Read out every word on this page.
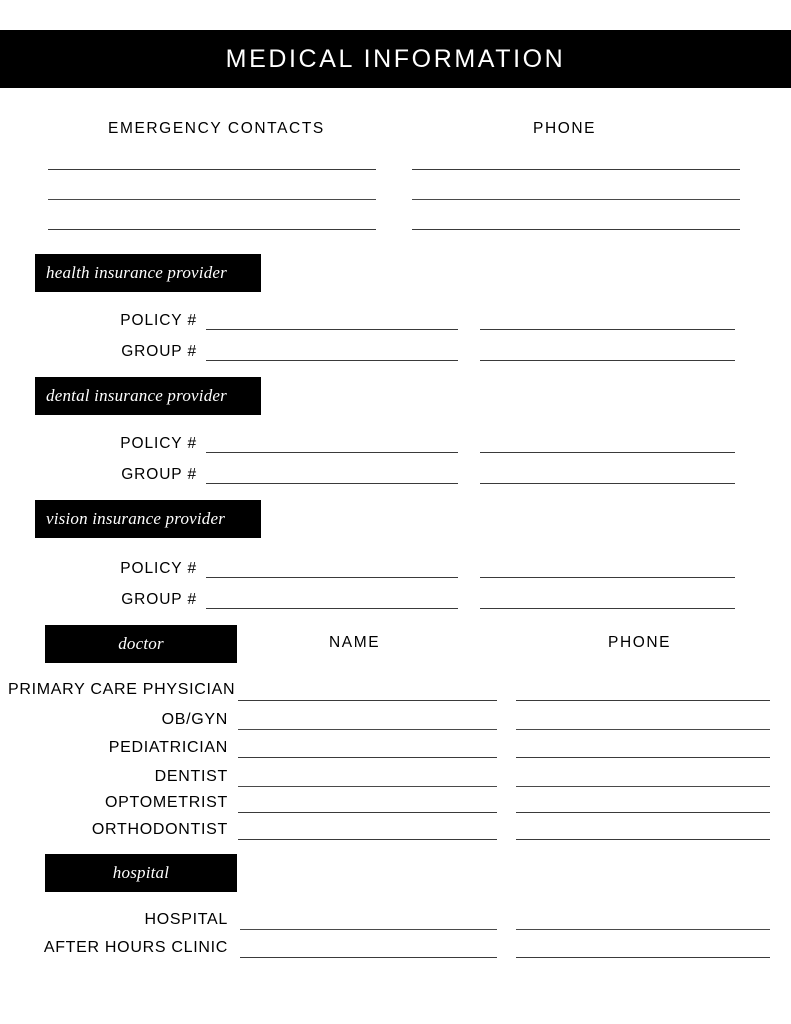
MEDICAL INFORMATION
EMERGENCY CONTACTS	PHONE
health insurance provider
POLICY #
GROUP #
dental insurance provider
POLICY #
GROUP #
vision insurance provider
POLICY #
GROUP #
doctor	NAME	PHONE
PRIMARY CARE PHYSICIAN
OB/GYN
PEDIATRICIAN
DENTIST
OPTOMETRIST
ORTHODONTIST
hospital
HOSPITAL
AFTER HOURS CLINIC
